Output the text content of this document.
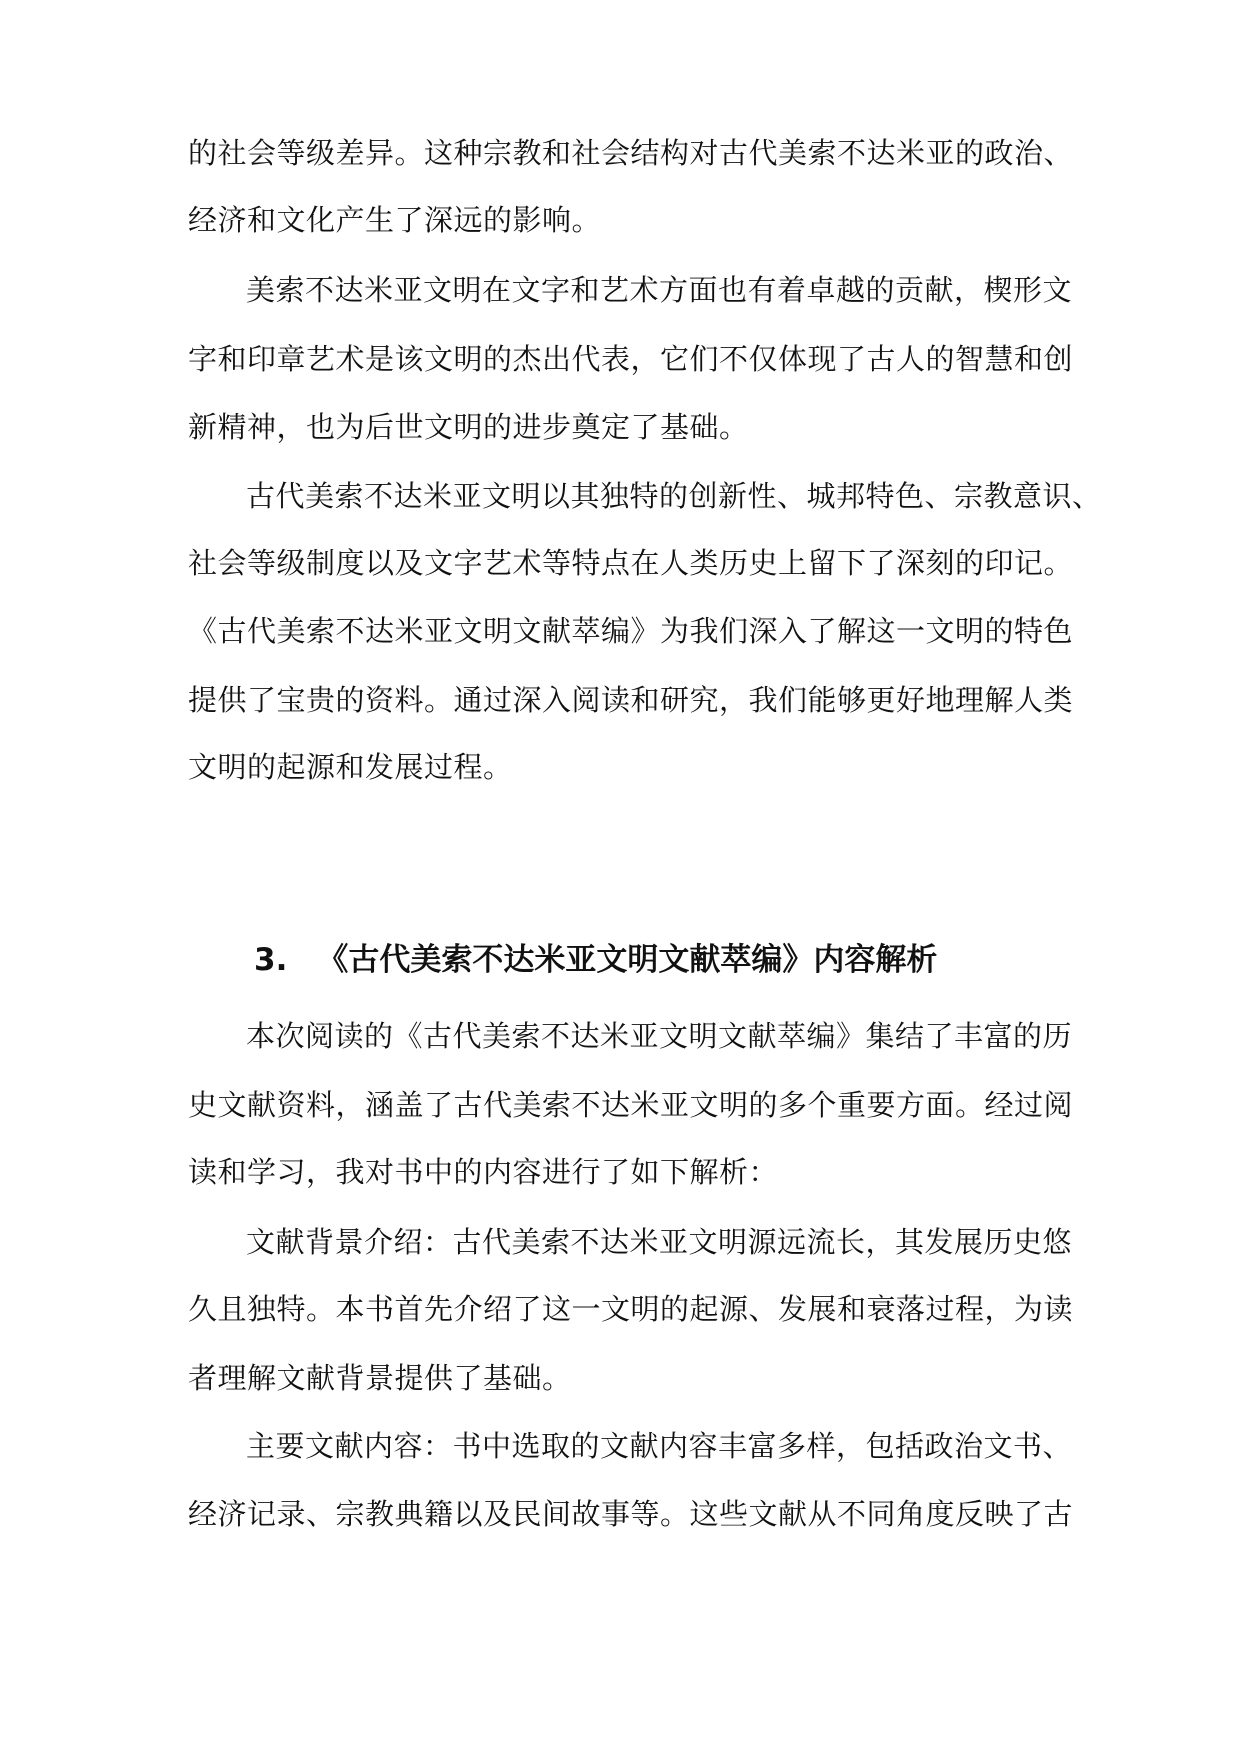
的社会等级差异。这种宗教和社会结构对古代美索不达米亚的政治、
经济和文化产生了深远的影响。
美索不达米亚文明在文字和艺术方面也有着卓越的贡献，楔形文
字和印章艺术是该文明的杰出代表，它们不仅体现了古人的智慧和创
新精神，也为后世文明的进步奠定了基础。
古代美索不达米亚文明以其独特的创新性、城邦特色、宗教意识、
社会等级制度以及文字艺术等特点在人类历史上留下了深刻的印记。
《古代美索不达米亚文明文献萃编》为我们深入了解这一文明的特色
提供了宝贵的资料。通过深入阅读和研究，我们能够更好地理解人类
文明的起源和发展过程。
3. 《古代美索不达米亚文明文献萃编》内容解析
本次阅读的《古代美索不达米亚文明文献萃编》集结了丰富的历
史文献资料，涵盖了古代美索不达米亚文明的多个重要方面。经过阅
读和学习，我对书中的内容进行了如下解析：
文献背景介绍：古代美索不达米亚文明源远流长，其发展历史悠
久且独特。本书首先介绍了这一文明的起源、发展和衰落过程，为读
者理解文献背景提供了基础。
主要文献内容：书中选取的文献内容丰富多样，包括政治文书、
经济记录、宗教典籍以及民间故事等。这些文献从不同角度反映了古
